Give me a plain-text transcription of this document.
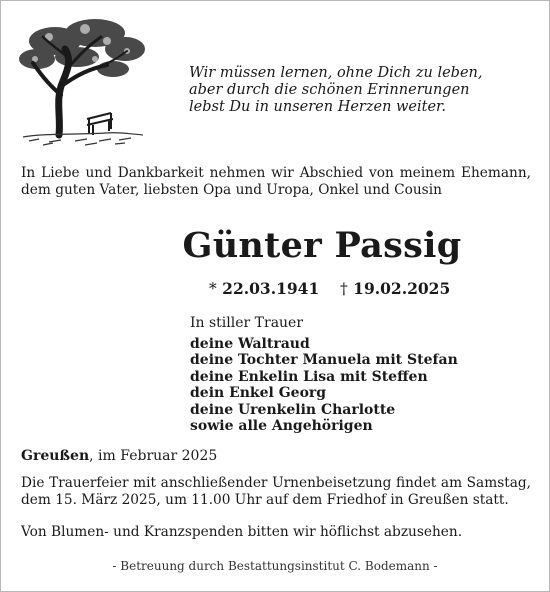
Wir müssen lernen, ohne Dich zu leben,
aber durch die schönen Erinnerungen
lebst Du in unseren Herzen weiter.
In Liebe und Dankbarkeit nehmen wir Abschied von meinem Ehemann, dem guten Vater, liebsten Opa und Uropa, Onkel und Cousin
Günter Passig
* 22.03.1941 † 19.02.2025
In stiller Trauer
deine Waltraud
deine Tochter Manuela mit Stefan
deine Enkelin Lisa mit Steffen
dein Enkel Georg
deine Urenkelin Charlotte
sowie alle Angehörigen
Greußen, im Februar 2025
Die Trauerfeier mit anschließender Urnenbeisetzung findet am Samstag, dem 15. März 2025, um 11.00 Uhr auf dem Friedhof in Greußen statt.
Von Blumen- und Kranzspenden bitten wir höflichst abzusehen.
- Betreuung durch Bestattungsinstitut C. Bodemann -
